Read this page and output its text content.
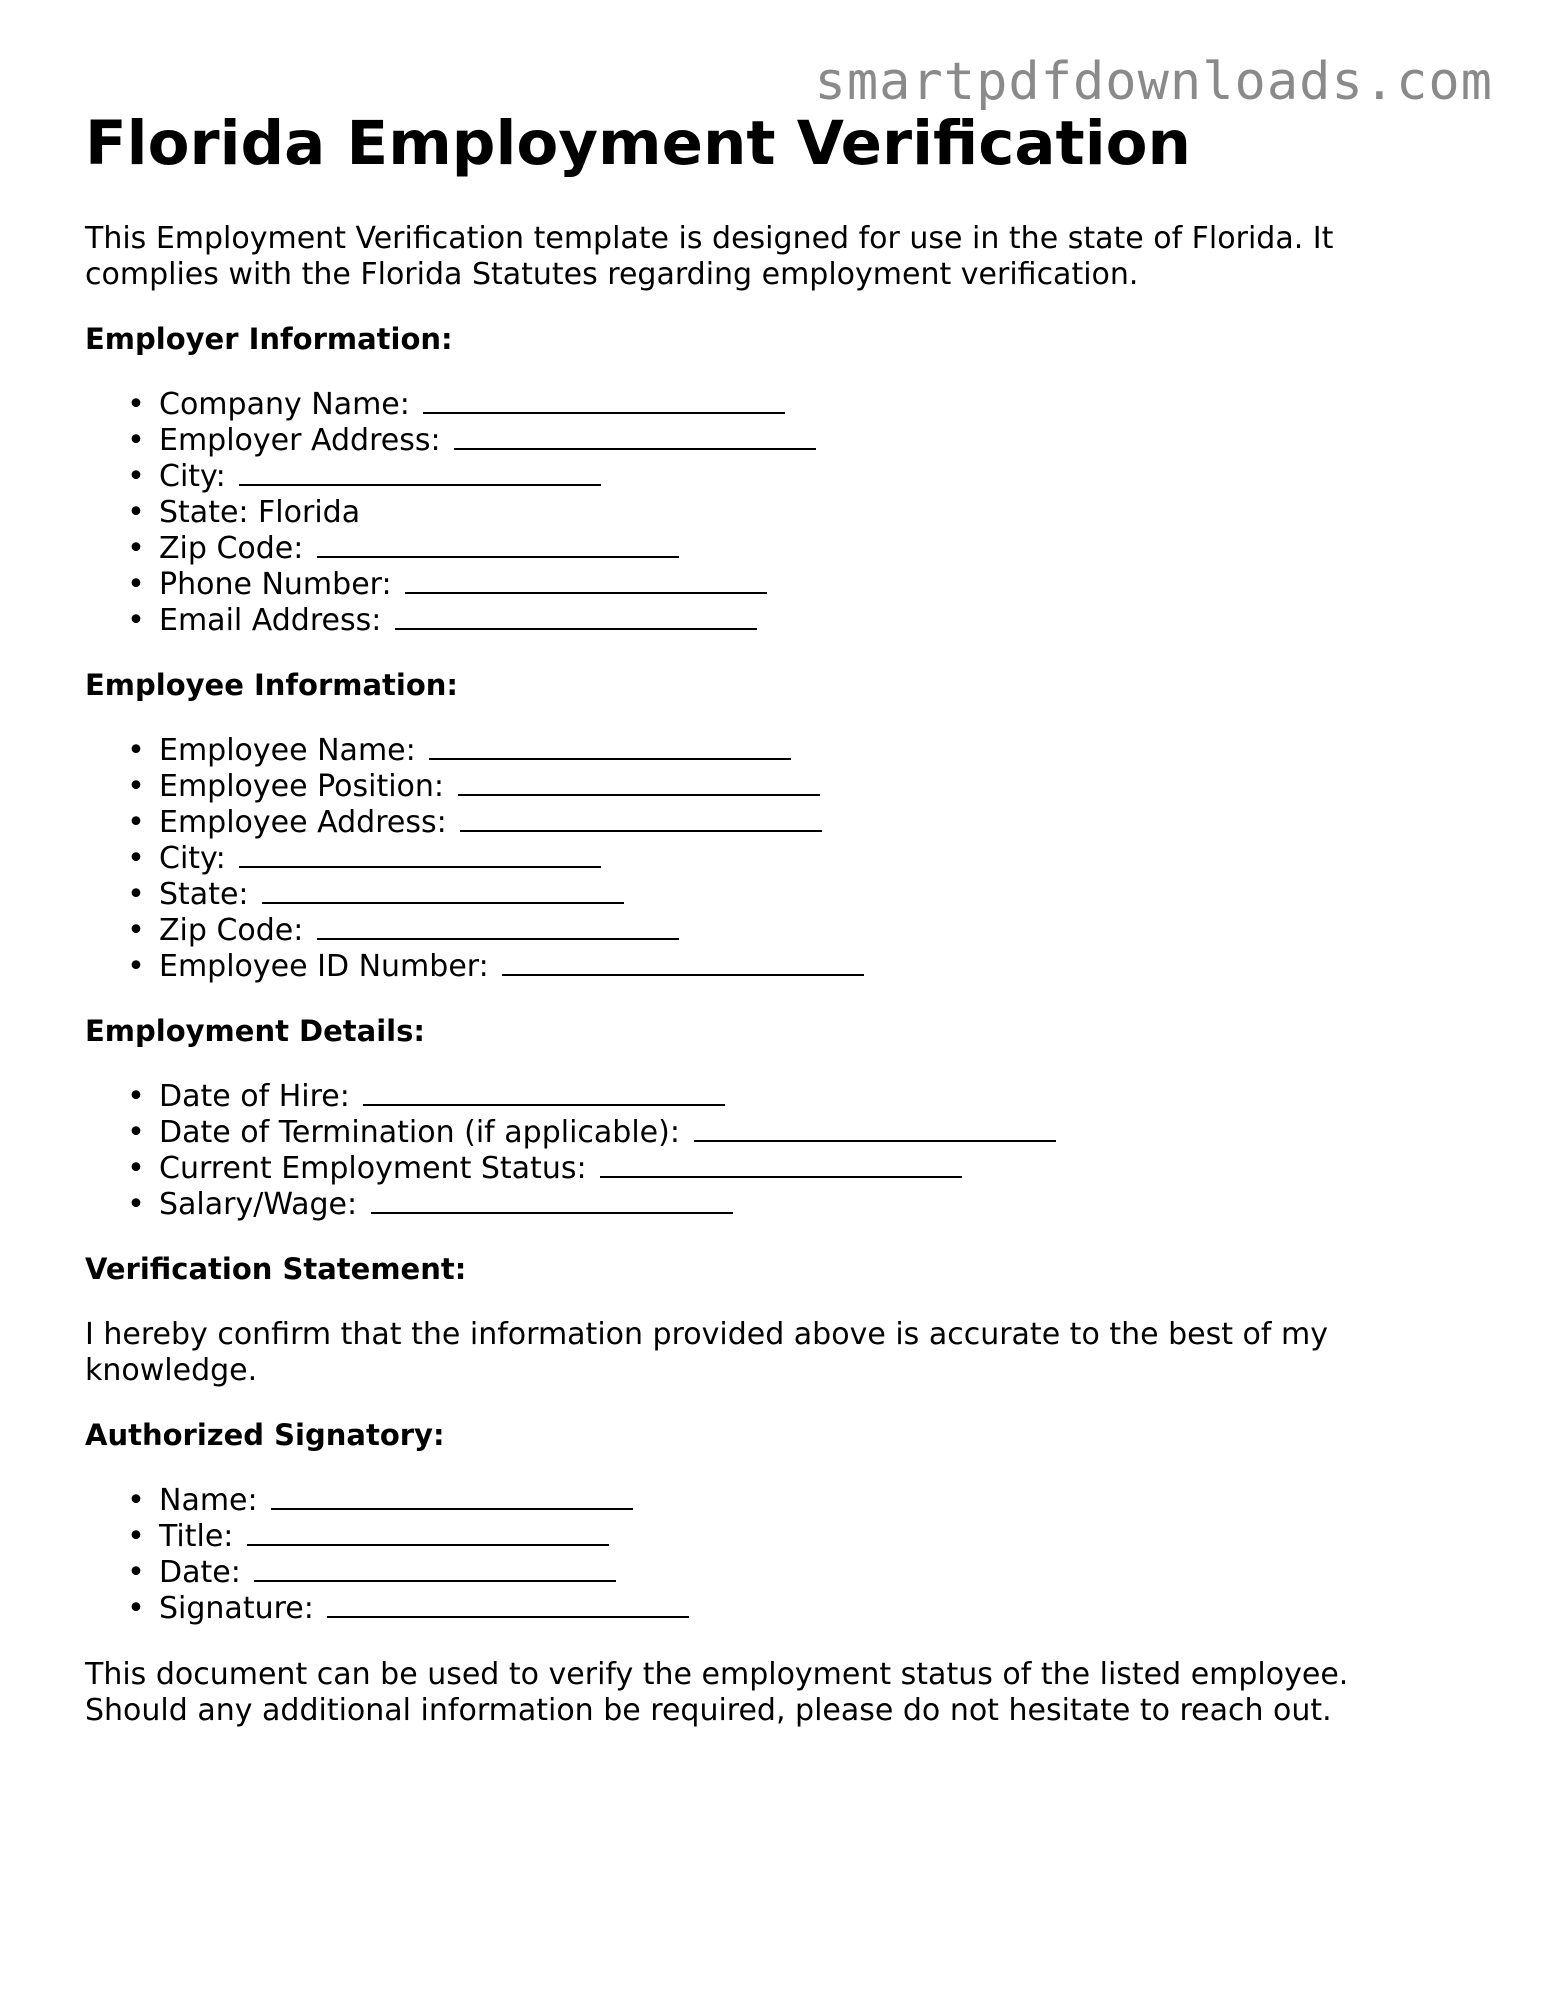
smartpdfdownloads.com
Florida Employment Verification

This Employment Verification template is designed for use in the state of Florida. It complies with the Florida Statutes regarding employment verification.

Employer Information:

• Company Name:
• Employer Address:
• City:
• State: Florida
• Zip Code:
• Phone Number:
• Email Address:

Employee Information:

• Employee Name:
• Employee Position:
• Employee Address:
• City:
• State:
• Zip Code:
• Employee ID Number:

Employment Details:

• Date of Hire:
• Date of Termination (if applicable):
• Current Employment Status:
• Salary/Wage:

Verification Statement:

I hereby confirm that the information provided above is accurate to the best of my knowledge.

Authorized Signatory:

• Name:
• Title:
• Date:
• Signature:

This document can be used to verify the employment status of the listed employee. Should any additional information be required, please do not hesitate to reach out.
